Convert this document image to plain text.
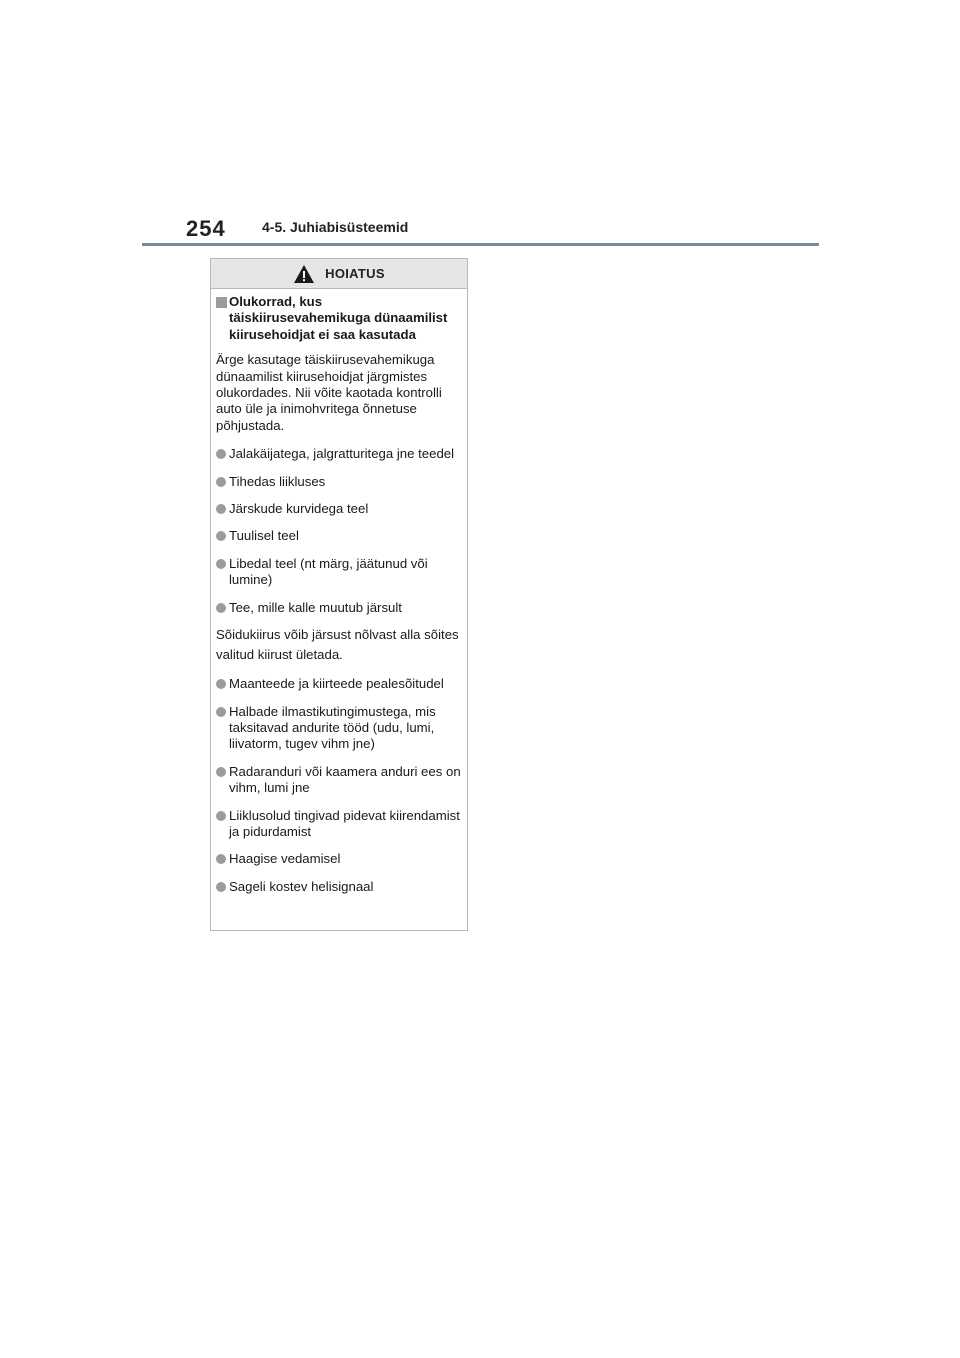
254	4-5. Juhiabisüsteemid
HOIATUS
Olukorrad, kus täiskiirusevahemikuga dünaamilist kiirusehoidjat ei saa kasutada
Ärge kasutage täiskiirusevahemikuga dünaamilist kiirusehoidjat järgmistes olukordades. Nii võite kaotada kontrolli auto üle ja inimohvritega õnnetuse põhjustada.
Jalakäijatega, jalgratturitega jne teedel
Tihedas liikluses
Järskude kurvidega teel
Tuulisel teel
Libedal teel (nt märg, jäätunud või lumine)
Tee, mille kalle muutub järsult
Sõidukiirus võib järsust nõlvast alla sõites valitud kiirust ületada.
Maanteede ja kiirteede pealesõitudel
Halbade ilmastikutingimustega, mis taksitavad andurite tööd (udu, lumi, liivatorm, tugev vihm jne)
Radaranduri või kaamera anduri ees on vihm, lumi jne
Liiklusolud tingivad pidevat kiirendamist ja pidurdamist
Haagise vedamisel
Sageli kostev helisignaal
